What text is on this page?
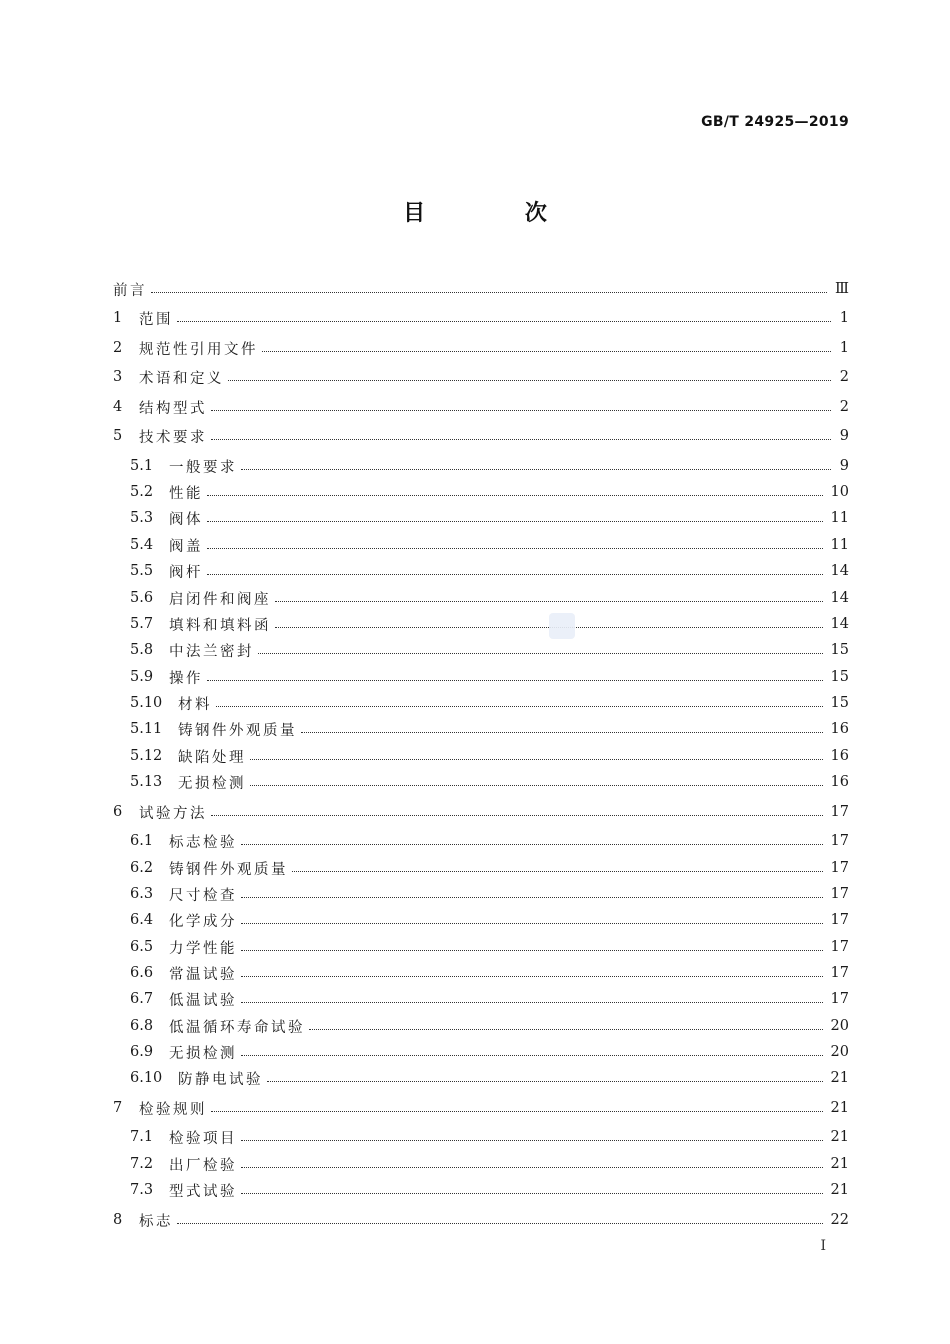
GB/T 24925—2019
目 次
前言	Ⅲ
1	范围	1
2	规范性引用文件	1
3	术语和定义	2
4	结构型式	2
5	技术要求	9
5.1	一般要求	9
5.2	性能	10
5.3	阀体	11
5.4	阀盖	11
5.5	阀杆	14
5.6	启闭件和阀座	14
5.7	填料和填料函	14
5.8	中法兰密封	15
5.9	操作	15
5.10	材料	15
5.11	铸钢件外观质量	16
5.12	缺陷处理	16
5.13	无损检测	16
6	试验方法	17
6.1	标志检验	17
6.2	铸钢件外观质量	17
6.3	尺寸检查	17
6.4	化学成分	17
6.5	力学性能	17
6.6	常温试验	17
6.7	低温试验	17
6.8	低温循环寿命试验	20
6.9	无损检测	20
6.10	防静电试验	21
7	检验规则	21
7.1	检验项目	21
7.2	出厂检验	21
7.3	型式试验	21
8	标志	22
I
